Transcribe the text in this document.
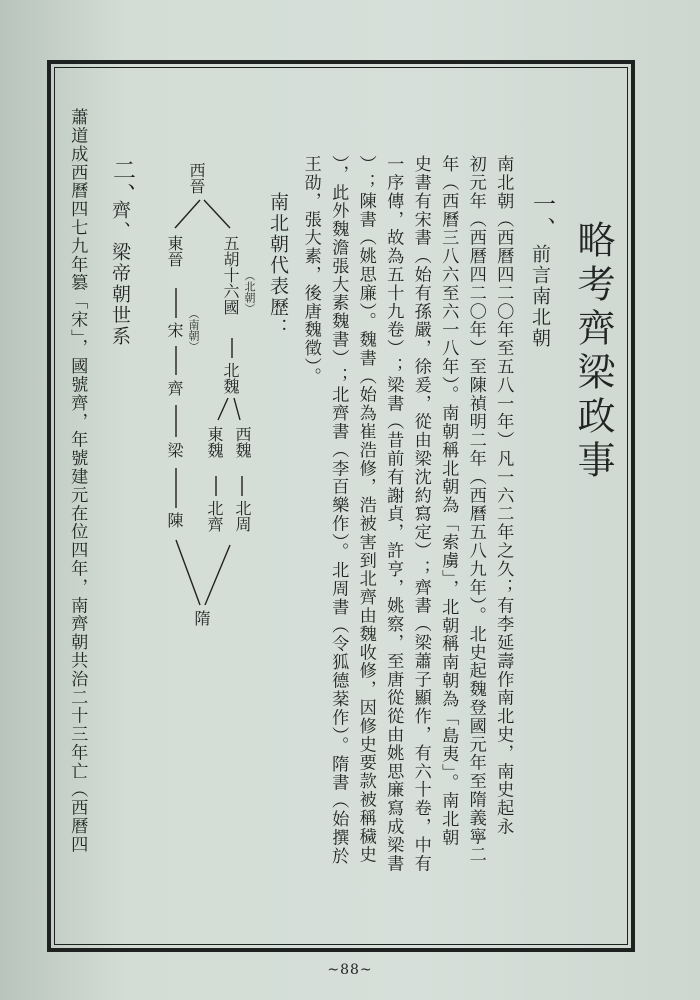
略考齊梁政事
一、
前言南北朝
南北朝（西曆四二〇年至五八一年）凡一六二年之久；有李延壽作南北史，南史起永
初元年（西曆四二〇年）至陳禎明二年（西曆五八九年）。北史起魏登國元年至隋義寧二
年（西曆三八六至六一八年）。南朝稱北朝為「索虜」，北朝稱南朝為「島夷」。南北朝
史書有宋書（始有孫嚴，徐爰，從由梁沈約寫定）；齊書（梁蕭子顯作，有六十卷，中有
一序傳，故為五十九卷）；梁書（昔前有謝貞，許亨，姚察，至唐從從由姚思廉寫成梁書
）；陳書（姚思廉）。魏書（始為崔浩修，浩被害到北齊由魏收修，因修史要款被稱穢史
），此外魏澹張大素魏書）；北齊書（李百樂作）。北周書（令狐德棻作）。隋書（始撰於
王劭，張大素，後唐魏徵）。
南北朝代表歷：
西晉
東晉 五胡十六國 （北朝）
（南朝）
宋
齊
梁
陳
北魏
東魏 西魏
北齊 北周
隋
二、
齊、梁帝朝世系
蕭道成西曆四七九年篡「宋」，國號齊，年號建元在位四年，南齊朝共治二十三年亡（西曆四
~88~
